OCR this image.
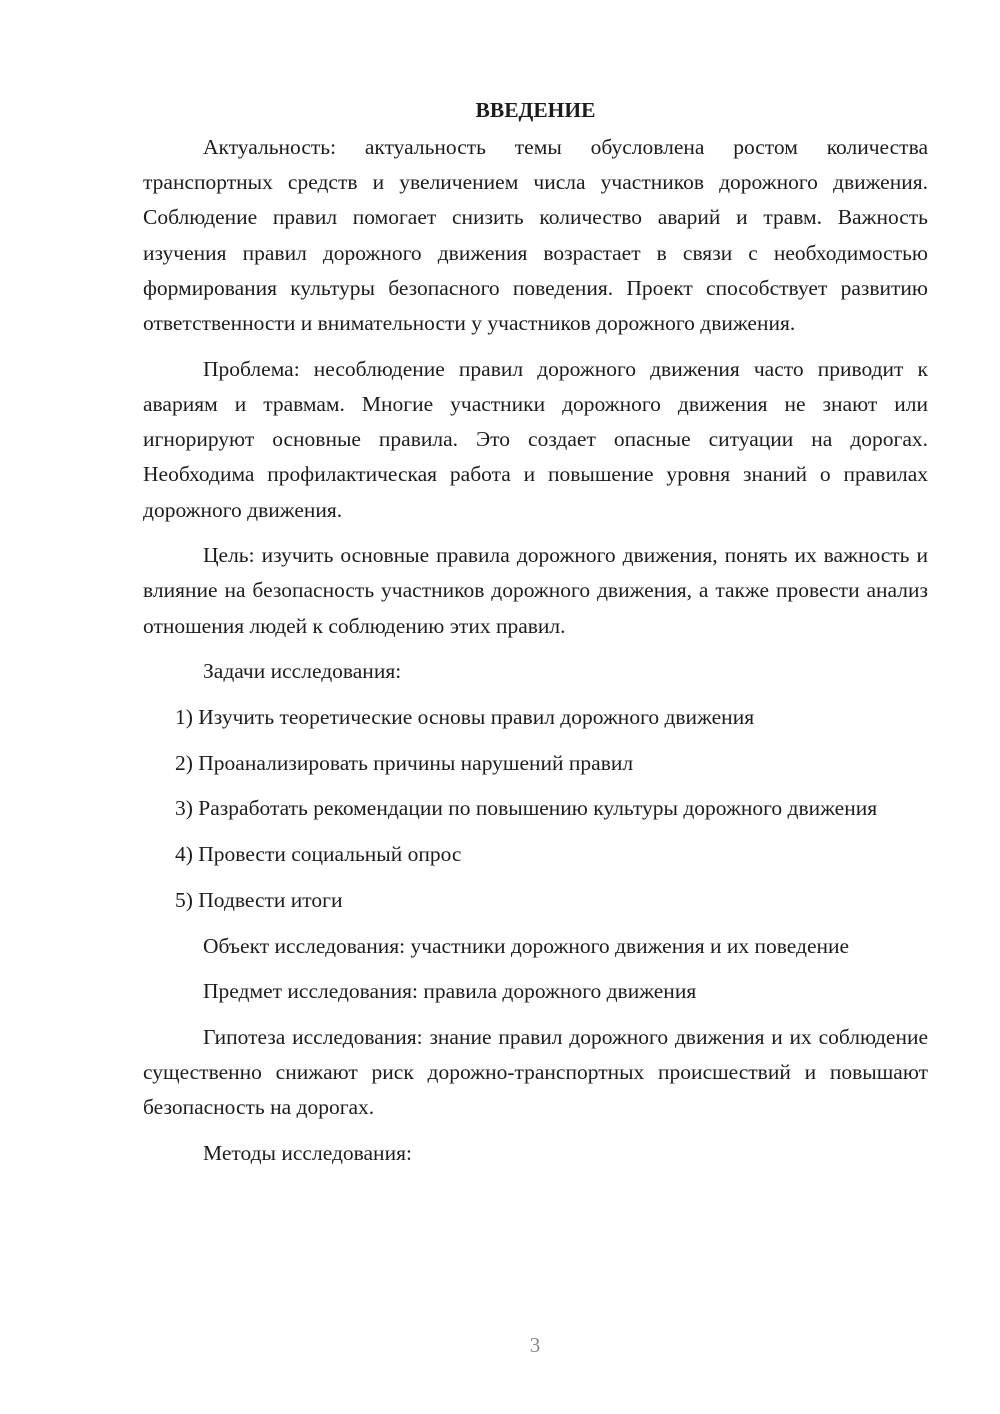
ВВЕДЕНИЕ

Актуальность: актуальность темы обусловлена ростом количества транспортных средств и увеличением числа участников дорожного движения. Соблюдение правил помогает снизить количество аварий и травм. Важность изучения правил дорожного движения возрастает в связи с необходимостью формирования культуры безопасного поведения. Проект способствует развитию ответственности и внимательности у участников дорожного движения.

Проблема: несоблюдение правил дорожного движения часто приводит к авариям и травмам. Многие участники дорожного движения не знают или игнорируют основные правила. Это создает опасные ситуации на дорогах. Необходима профилактическая работа и повышение уровня знаний о правилах дорожного движения.

Цель: изучить основные правила дорожного движения, понять их важность и влияние на безопасность участников дорожного движения, а также провести анализ отношения людей к соблюдению этих правил.

Задачи исследования:

1) Изучить теоретические основы правил дорожного движения

2) Проанализировать причины нарушений правил

3) Разработать рекомендации по повышению культуры дорожного движения

4) Провести социальный опрос

5) Подвести итоги

Объект исследования: участники дорожного движения и их поведение

Предмет исследования: правила дорожного движения

Гипотеза исследования: знание правил дорожного движения и их соблюдение существенно снижают риск дорожно-транспортных происшествий и повышают безопасность на дорогах.

Методы исследования:

3
